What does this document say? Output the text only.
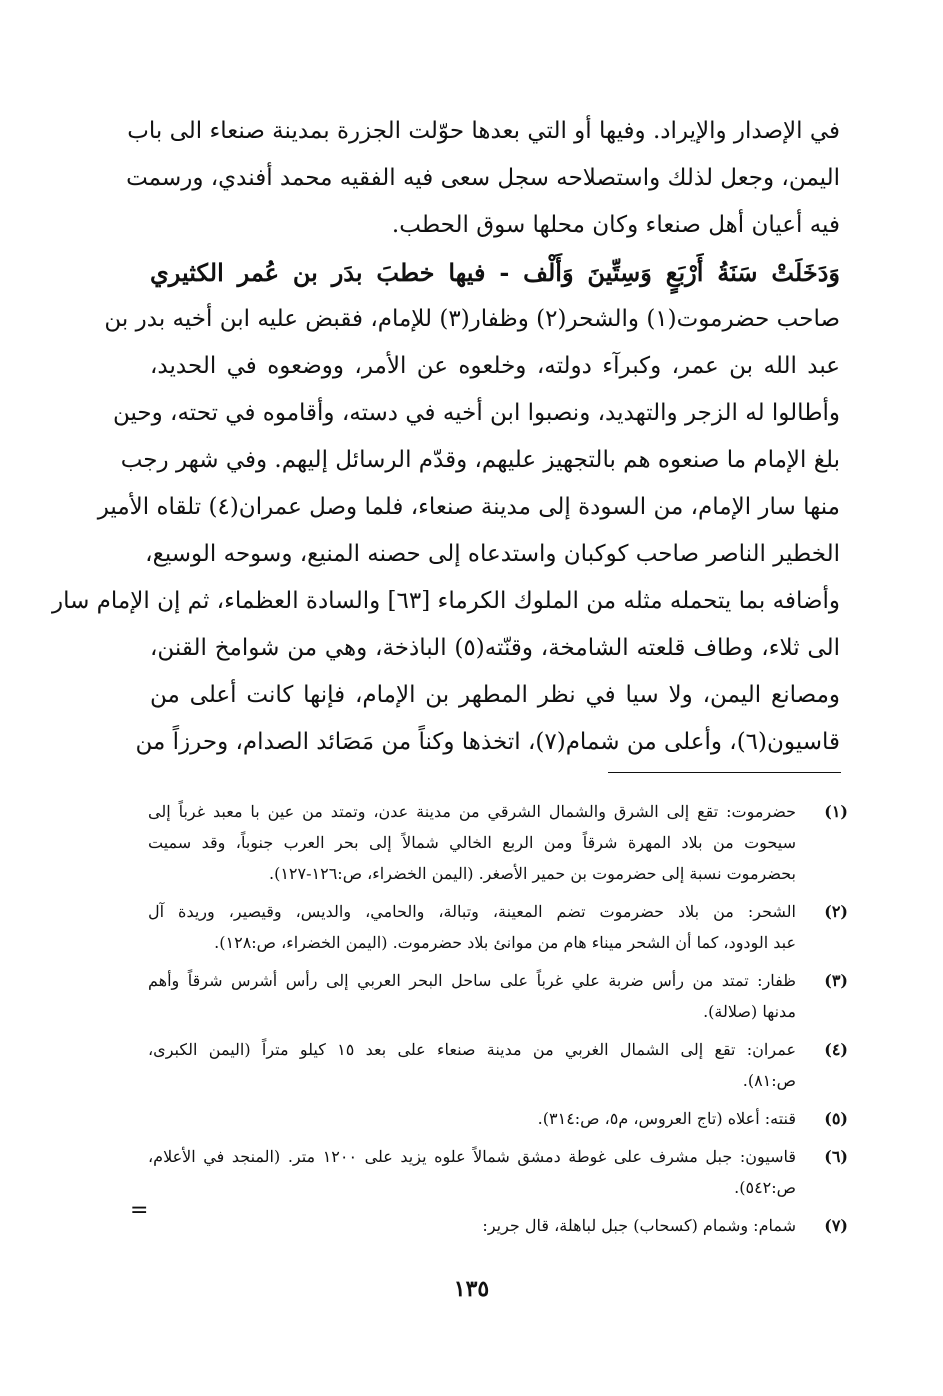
في الإصدار والإيراد. وفيها أو التي بعدها حوّلت الجزرة بمدينة صنعاء الى باب
اليمن، وجعل لذلك واستصلاحه سجل سعى فيه الفقيه محمد أفندي، ورسمت
فيه أعيان أهل صنعاء وكان محلها سوق الحطب.
وَدَخَلَتْ سَنَةُ أَرْبَعٍ وَسِتِّينَ وَأَلْف - فيها خطبَ بدَر بن عُمر الكثيري
صاحب حضرموت(١) والشحر(٢) وظفار(٣) للإمام، فقبض عليه ابن أخيه بدر بن
عبد الله بن عمر، وكبرآء دولته، وخلعوه عن الأمر، ووضعوه في الحديد،
وأطالوا له الزجر والتهديد، ونصبوا ابن أخيه في دسته، وأقاموه في تحته، وحين
بلغ الإمام ما صنعوه هم بالتجهيز عليهم، وقدّم الرسائل إليهم. وفي شهر رجب
منها سار الإمام، من السودة إلى مدينة صنعاء، فلما وصل عمران(٤) تلقاه الأمير
الخطير الناصر صاحب كوكبان واستدعاه إلى حصنه المنيع، وسوحه الوسيع،
وأضافه بما يتحمله مثله من الملوك الكرماء [٦٣] والسادة العظماء، ثم إن الإمام سار
الى ثلاء، وطاف قلعته الشامخة، وقنّته(٥) الباذخة، وهي من شوامخ القنن،
ومصانع اليمن، ولا سيا في نظر المطهر بن الإمام، فإنها كانت أعلى من
قاسيون(٦)، وأعلى من شمام(٧)، اتخذها وكناً من مَصَائد الصدام، وحرزاً من
(١)
حضرموت: تقع إلى الشرق والشمال الشرقي من مدينة عدن، وتمتد من عين با معبد غرباً إلى
سيحوت من بلاد المهرة شرقاً ومن الربع الخالي شمالاً إلى بحر العرب جنوباً، وقد سميت
بحضرموت نسبة إلى حضرموت بن حمير الأصغر. (اليمن الخضراء، ص:١٢٦-١٢٧).
(٢)
الشحر: من بلاد حضرموت تضم المعينة، وتبالة، والحامي، والديس، وقيصير، وريدة آل
عبد الودود، كما أن الشحر ميناء هام من موانئ بلاد حضرموت. (اليمن الخضراء، ص:١٢٨).
(٣)
ظفار: تمتد من رأس ضربة علي غرباً على ساحل البحر العربي إلى رأس أشرس شرقاً وأهم
مدنها (صلالة).
(٤)
عمران: تقع إلى الشمال الغربي من مدينة صنعاء على بعد ١٥ كيلو متراً (اليمن الكبرى،
ص:٨١).
(٥)
قنته: أعلاه (تاج العروس، م٥، ص:٣١٤).
(٦)
قاسيون: جبل مشرف على غوطة دمشق شمالاً علوه يزيد على ١٢٠٠ متر. (المنجد في الأعلام،
ص:٥٤٢).
(٧)
شمام: وشمام (كسحاب) جبل لباهلة، قال جرير:
=
١٣٥
